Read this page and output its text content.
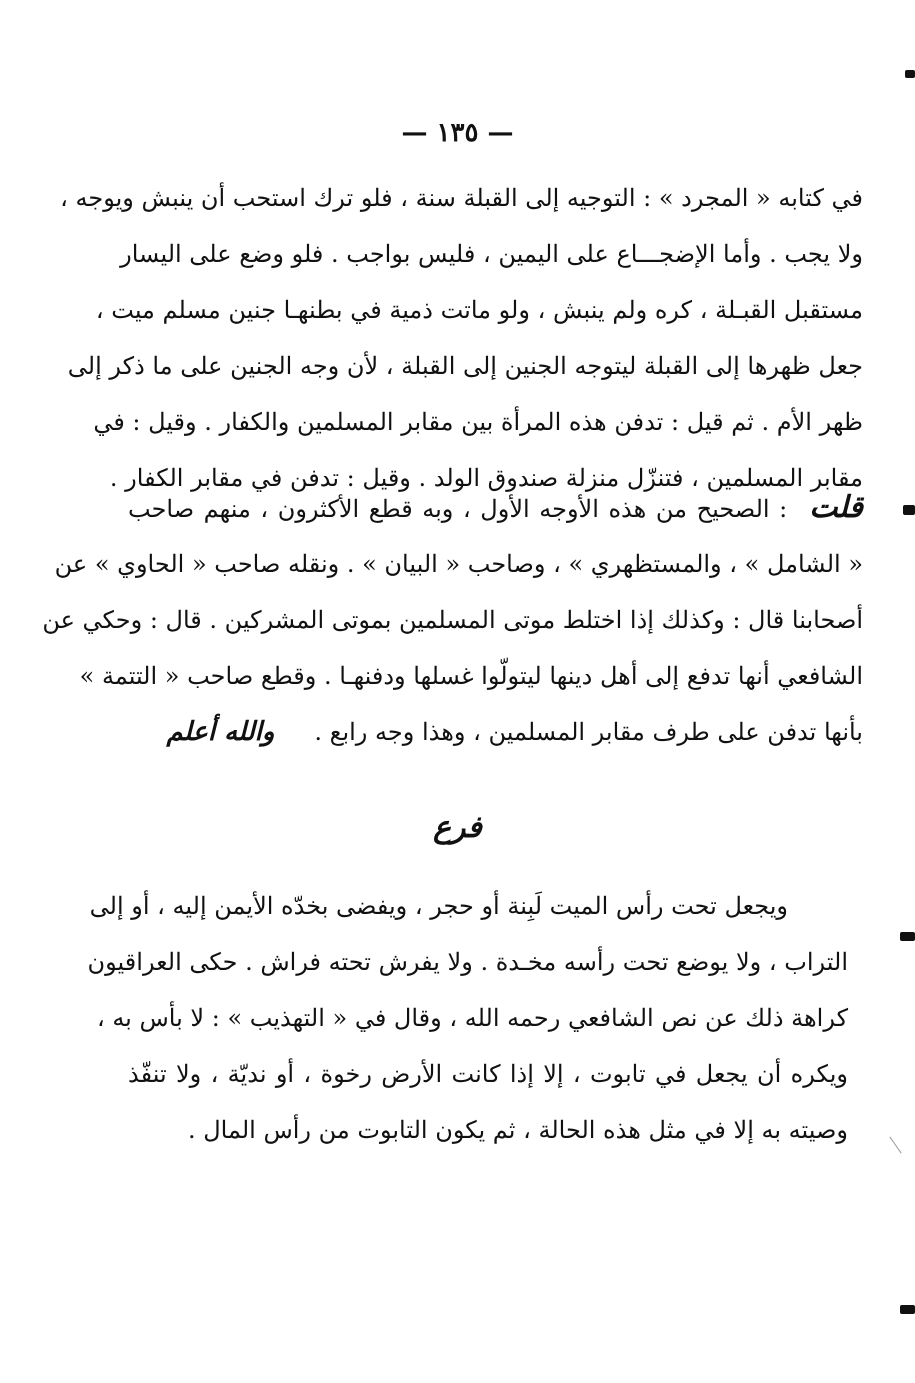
— ١٣٥ —
في كتابه « المجرد » : التوجيه إلى القبلة سنة ، فلو ترك استحب أن ينبش ويوجه ،
ولا يجب . وأما الإضجـــاع على اليمين ، فليس بواجب . فلو وضع على اليسار
مستقبل القبـلة ، كره ولم ينبش ، ولو ماتت ذمية في بطنهـا جنين مسلم ميت ،
جعل ظهرها إلى القبلة ليتوجه الجنين إلى القبلة ، لأن وجه الجنين على ما ذكر إلى
ظهر الأم . ثم قيل : تدفن هذه المرأة بين مقابر المسلمين والكفار . وقيل : في
مقابر المسلمين ، فتنزّل منزلة صندوق الولد . وقيل : تدفن في مقابر الكفار .
قلت: الصحيح من هذه الأوجه الأول ، وبه قطع الأكثرون ، منهم صاحب
« الشامل » ، والمستظهري » ، وصاحب « البيان » . ونقله صاحب « الحاوي » عن
أصحابنا قال : وكذلك إذا اختلط موتى المسلمين بموتى المشركين . قال : وحكي عن
الشافعي أنها تدفع إلى أهل دينها ليتولّوا غسلها ودفنهـا . وقطع صاحب « التتمة »
بأنها تدفن على طرف مقابر المسلمين ، وهذا وجه رابع .والله أعلم
فرع
ويجعل تحت رأس الميت لَبِنة أو حجر ، ويفضى بخدّه الأيمن إليه ، أو إلى
التراب ، ولا يوضع تحت رأسه مخـدة . ولا يفرش تحته فراش . حكى العراقيون
كراهة ذلك عن نص الشافعي رحمه الله ، وقال في « التهذيب » : لا بأس به ،
ويكره أن يجعل في تابوت ، إلا إذا كانت الأرض رخوة ، أو نديّة ، ولا تنفّذ
وصيته به إلا في مثل هذه الحالة ، ثم يكون التابوت من رأس المال .
